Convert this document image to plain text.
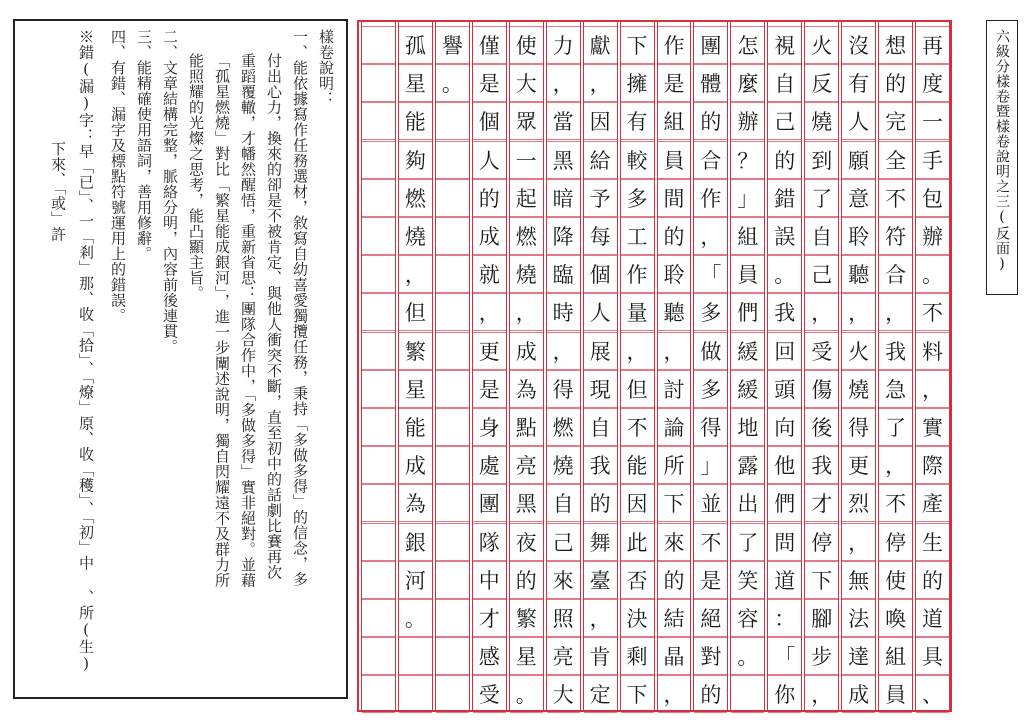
樣卷說明：
一、能依據寫作任務選材，敘寫自幼喜愛獨攬任務，秉持「多做多得」的信念，多
付出心力，換來的卻是不被肯定、與他人衝突不斷，直至初中的話劇比賽再次
重蹈覆轍，才幡然醒悟，重新省思：團隊合作中，「多做多得」實非絕對。並藉
「孤星燃燒」對比「繁星能成銀河」，進一步闡述說明，獨自閃耀遠不及群力所
能照耀的光燦之思考，能凸顯主旨。
二、文章結構完整，脈絡分明，內容前後連貫。
三、能精確使用語詞，善用修辭。
四、有錯、漏字及標點符號運用上的錯誤。
※錯(漏)字：早「已」、一「剎」那、收「拾」、「燎」原、收「穫」、「初」中 、所(生)
下來、「或」許
再
度
一
手
包
辦
。
不
料
，
實
際
產
生
的
道
具
、
想
的
完
全
不
符
合
，
我
急
了
，
不
停
使
喚
組
員
沒
有
人
願
意
聆
聽
，
火
燒
得
更
烈
，
無
法
達
成
火
反
燒
到
了
自
己
，
受
傷
後
我
才
停
下
腳
步
，
視
自
己
的
錯
誤
。
我
回
頭
向
他
們
問
道
：
「
你
怎
麼
辦
？
」
組
員
們
緩
緩
地
露
出
了
笑
容
。
團
體
的
合
作
，
「
多
做
多
得
」
並
不
是
絕
對
的
作
是
組
員
間
的
聆
聽
，
討
論
所
下
來
的
結
晶
，
下
擁
有
較
多
工
作
量
，
但
不
能
因
此
否
決
剩
下
獻
，
因
給
予
每
個
人
展
現
自
我
的
舞
臺
，
肯
定
力
，
當
黑
暗
降
臨
時
，
得
燃
燒
自
己
來
照
亮
大
使
大
眾
一
起
燃
燒
，
成
為
點
亮
黑
夜
的
繁
星
。
僅
是
個
人
的
成
就
，
更
是
身
處
團
隊
中
才
感
受
譽
。
孤
星
能
夠
燃
燒
，
但
繁
星
能
成
為
銀
河
。
六級分樣卷暨樣卷說明之三(反面)
